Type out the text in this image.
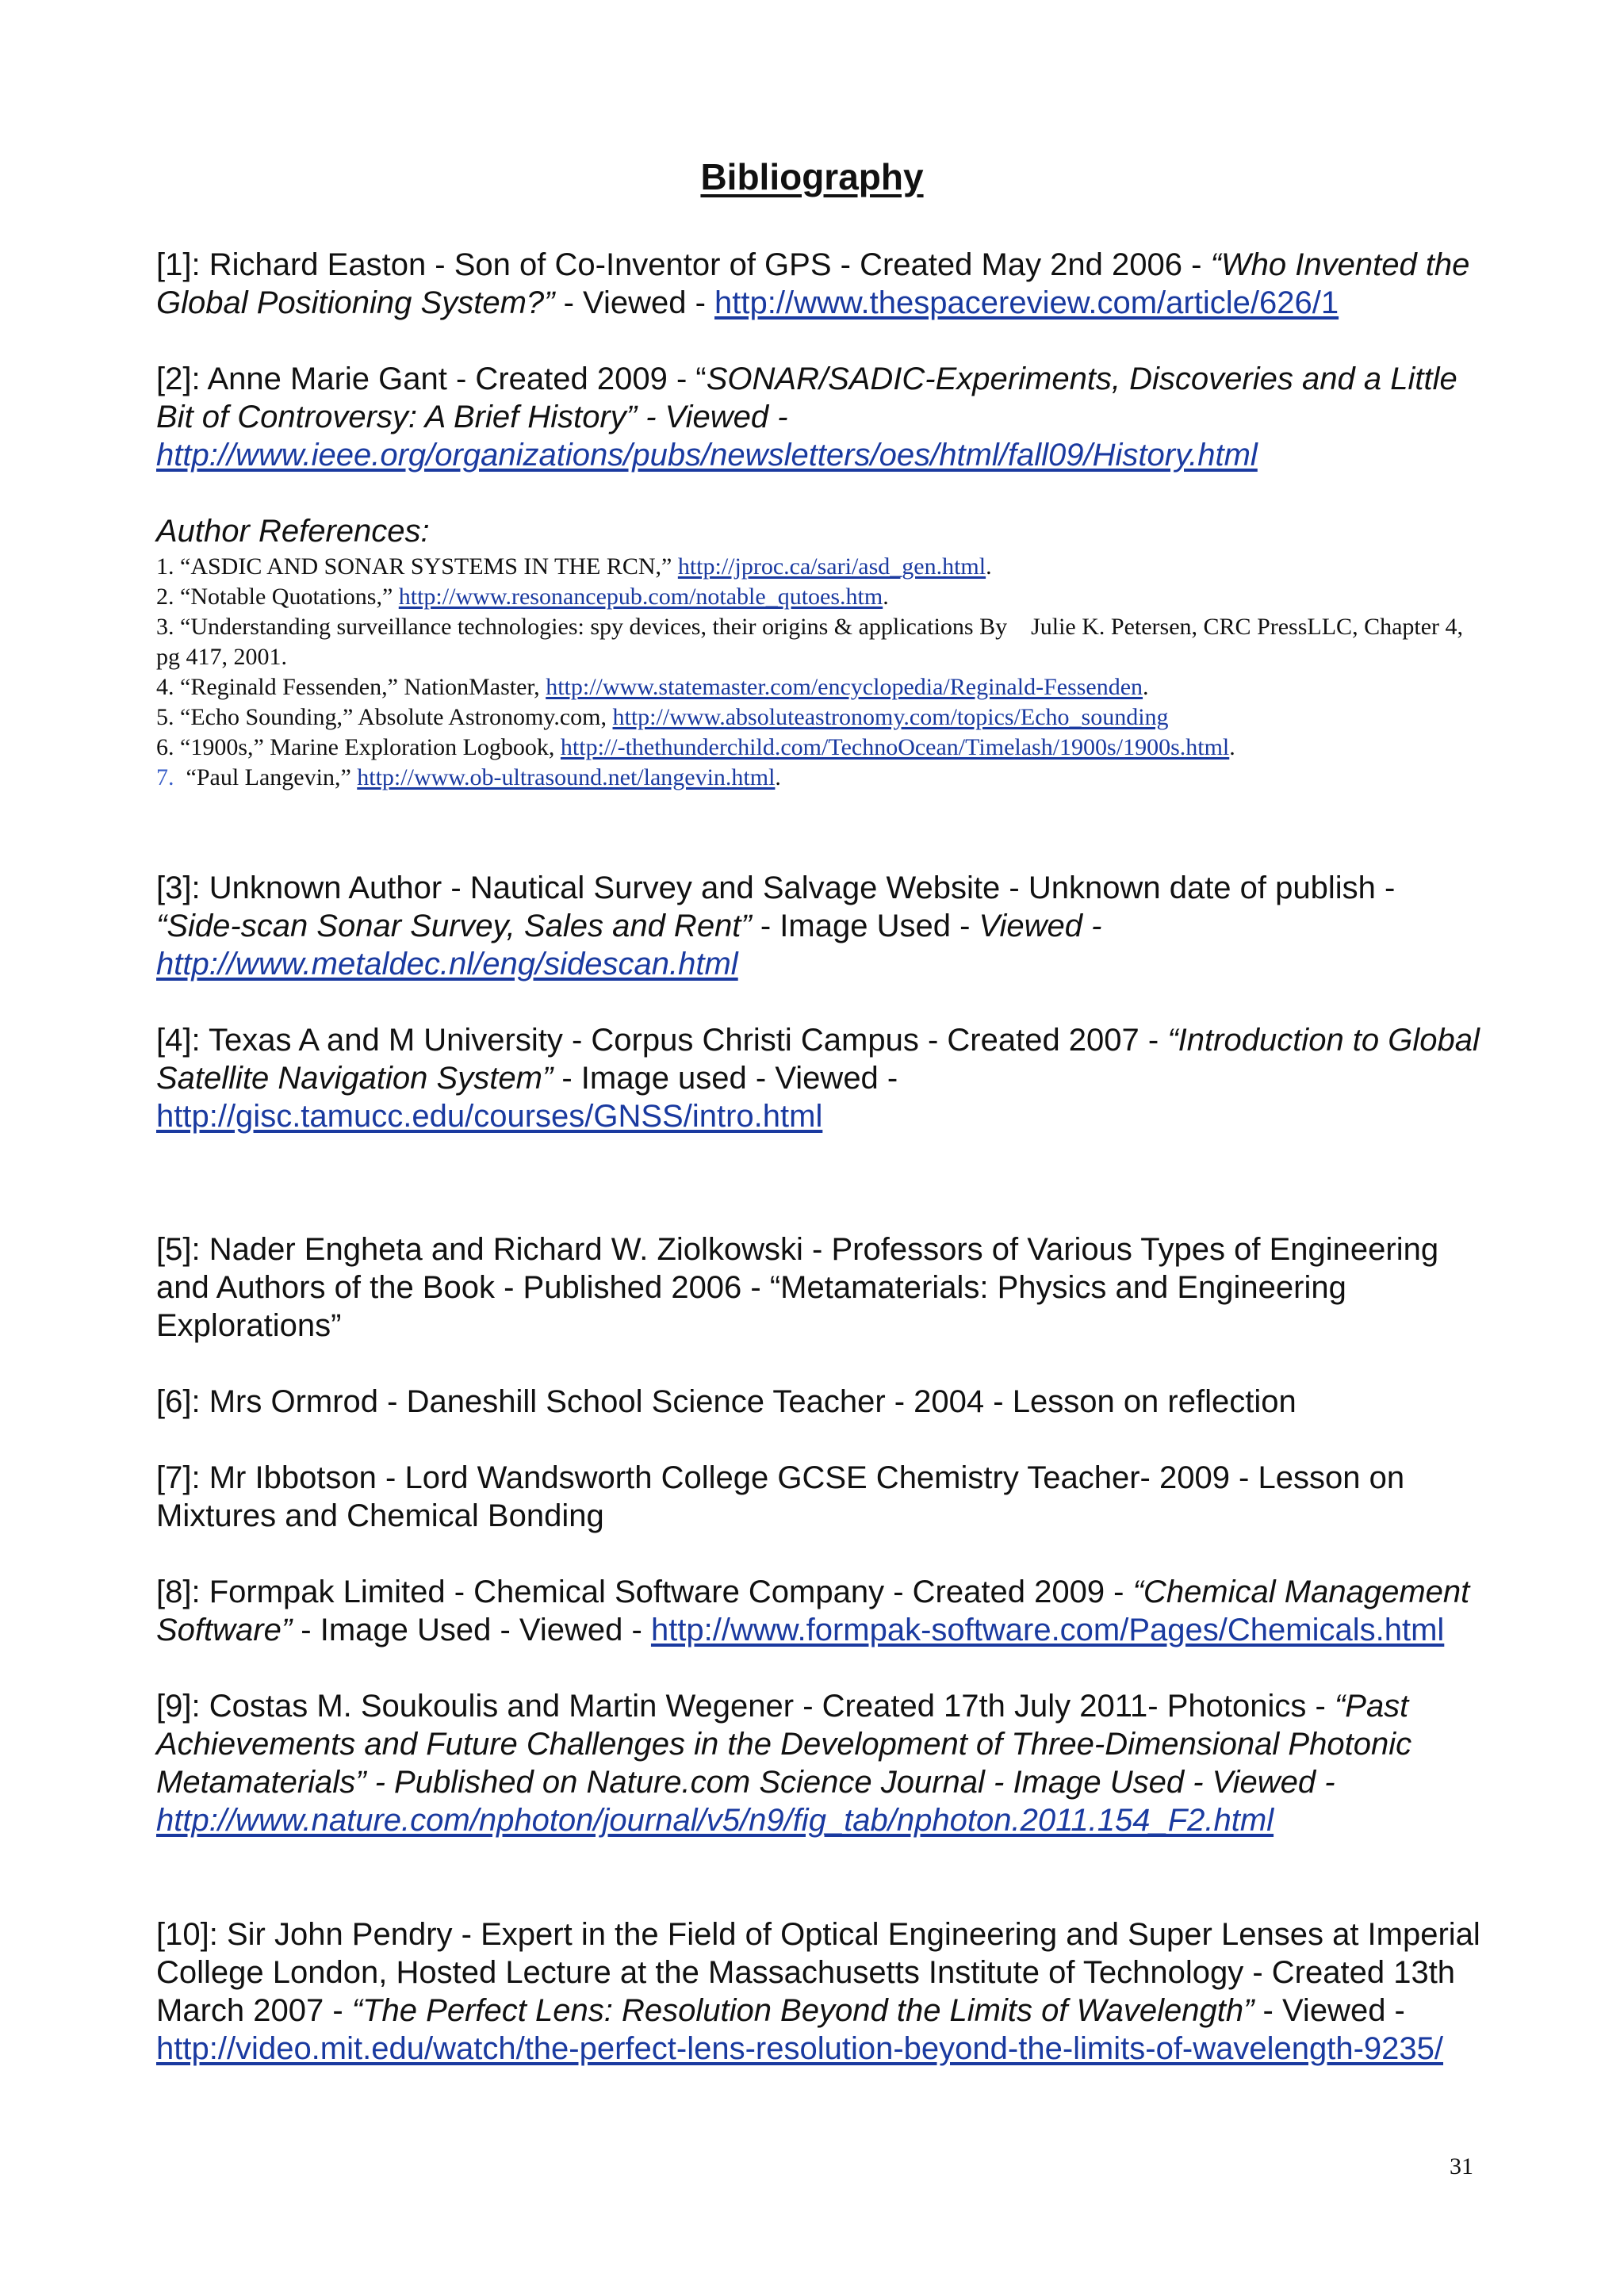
Bibliography
[1]: Richard Easton - Son of Co-Inventor of GPS - Created May 2nd 2006 - “Who Invented the Global Positioning System?” - Viewed - http://www.thespacereview.com/article/626/1
[2]: Anne Marie Gant - Created 2009 - “SONAR/SADIC-Experiments, Discoveries and a Little Bit of Controversy: A Brief History” - Viewed - http://www.ieee.org/organizations/pubs/newsletters/oes/html/fall09/History.html
Author References:
1. “ASDIC AND SONAR SYSTEMS IN THE RCN,” http://jproc.ca/sari/asd_gen.html.
2. “Notable Quotations,” http://www.resonancepub.com/notable_qutoes.htm.
3. “Understanding surveillance technologies: spy devices, their origins & applications By    Julie K. Petersen, CRC PressLLC, Chapter 4, pg 417, 2001.
4. “Reginald Fessenden,” NationMaster, http://www.statemaster.com/encyclopedia/Reginald-Fessenden.
5. “Echo Sounding,” Absolute Astronomy.com, http://www.absoluteastronomy.com/topics/Echo_sounding
6. “1900s,” Marine Exploration Logbook, http://-thethunderchild.com/TechnoOcean/Timelash/1900s/1900s.html.
7.  “Paul Langevin,” http://www.ob-ultrasound.net/langevin.html.
[3]: Unknown Author - Nautical Survey and Salvage Website - Unknown date of publish - “Side-scan Sonar Survey, Sales and Rent” - Image Used - Viewed - http://www.metaldec.nl/eng/sidescan.html
[4]: Texas A and M University - Corpus Christi Campus - Created 2007 - “Introduction to Global Satellite Navigation System” - Image used - Viewed - http://gisc.tamucc.edu/courses/GNSS/intro.html
[5]: Nader Engheta and Richard W. Ziolkowski - Professors of Various Types of Engineering and Authors of the Book - Published 2006 - “Metamaterials: Physics and Engineering Explorations”
[6]: Mrs Ormrod - Daneshill School Science Teacher - 2004 - Lesson on reflection
[7]: Mr Ibbotson - Lord Wandsworth College GCSE Chemistry Teacher- 2009 - Lesson on Mixtures and Chemical Bonding
[8]: Formpak Limited - Chemical Software Company - Created 2009 - “Chemical Management Software” - Image Used - Viewed - http://www.formpak-software.com/Pages/Chemicals.html
[9]: Costas M. Soukoulis and Martin Wegener - Created 17th July 2011- Photonics - “Past Achievements and Future Challenges in the Development of Three-Dimensional Photonic Metamaterials” - Published on Nature.com Science Journal - Image Used - Viewed - http://www.nature.com/nphoton/journal/v5/n9/fig_tab/nphoton.2011.154_F2.html
[10]: Sir John Pendry - Expert in the Field of Optical Engineering and Super Lenses at Imperial College London, Hosted Lecture at the Massachusetts Institute of Technology - Created 13th March 2007 - “The Perfect Lens: Resolution Beyond the Limits of Wavelength” - Viewed - http://video.mit.edu/watch/the-perfect-lens-resolution-beyond-the-limits-of-wavelength-9235/
31
